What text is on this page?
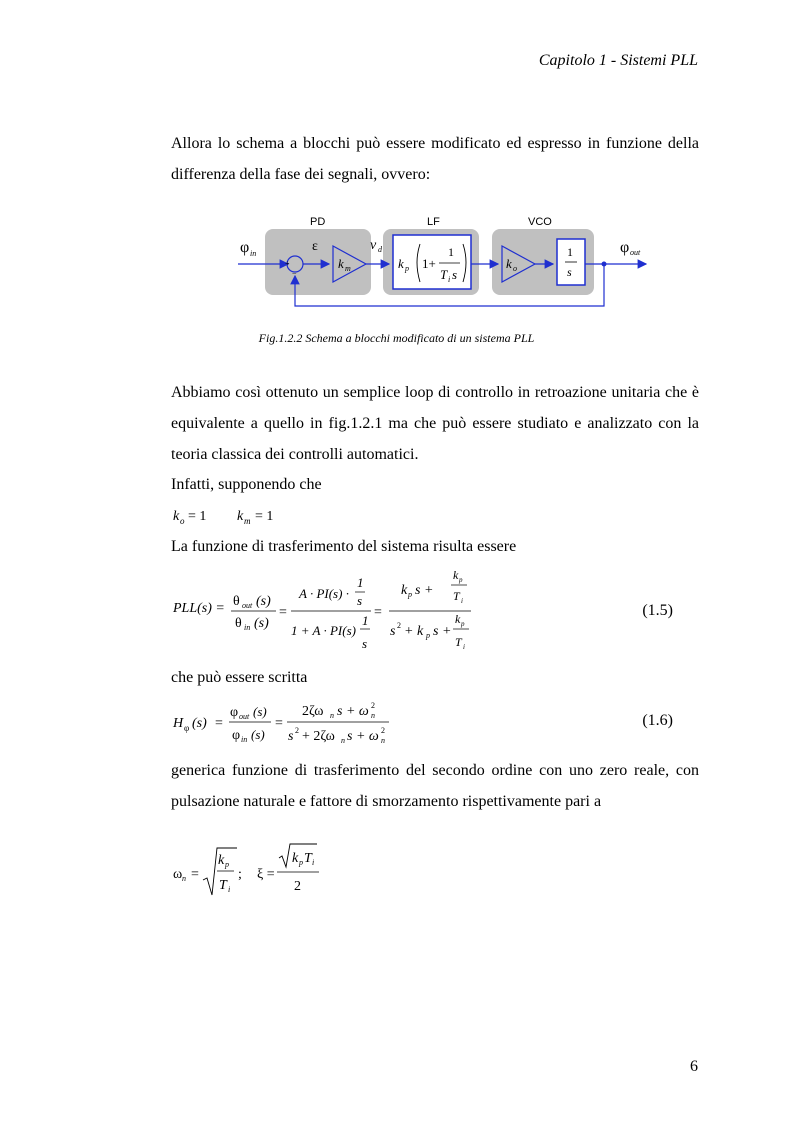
Capitolo 1 - Sistemi PLL
Allora lo schema a blocchi può essere modificato ed espresso in funzione della differenza della fase dei segnali, ovvero:
PD	LF	VCO
φ in
+
−
ε
k m
v d
k p 1+
1
T i s
k o
1
s
φ out
Fig.1.2.2 Schema a blocchi modificato di un sistema PLL
Abbiamo così ottenuto un semplice loop di controllo in retroazione unitaria che è equivalente a quello in fig.1.2.1 ma che può essere studiato e analizzato con la teoria classica dei controlli automatici.
Infatti, supponendo che
k o = 1 k m = 1
La funzione di trasferimento del sistema risulta essere
PLL(s) = θ out (s)
θ in (s)
=
A · PI(s) ·
1
s
1 + A · PI(s)
1
s
=
k p s +
k p
T i
s 2 + k p s +
k p
T i
(1.5)
che può essere scritta
H φ (s) =
φ out (s)
φ in (s)
=
2ζω n s + ω 2
n
s 2 + 2ζω n s + ω 2
n
(1.6)
generica funzione di trasferimento del secondo ordine con uno zero reale, con pulsazione naturale e fattore di smorzamento rispettivamente pari a
ω n =
k p
T i
; ξ =
k p T i
2
6
